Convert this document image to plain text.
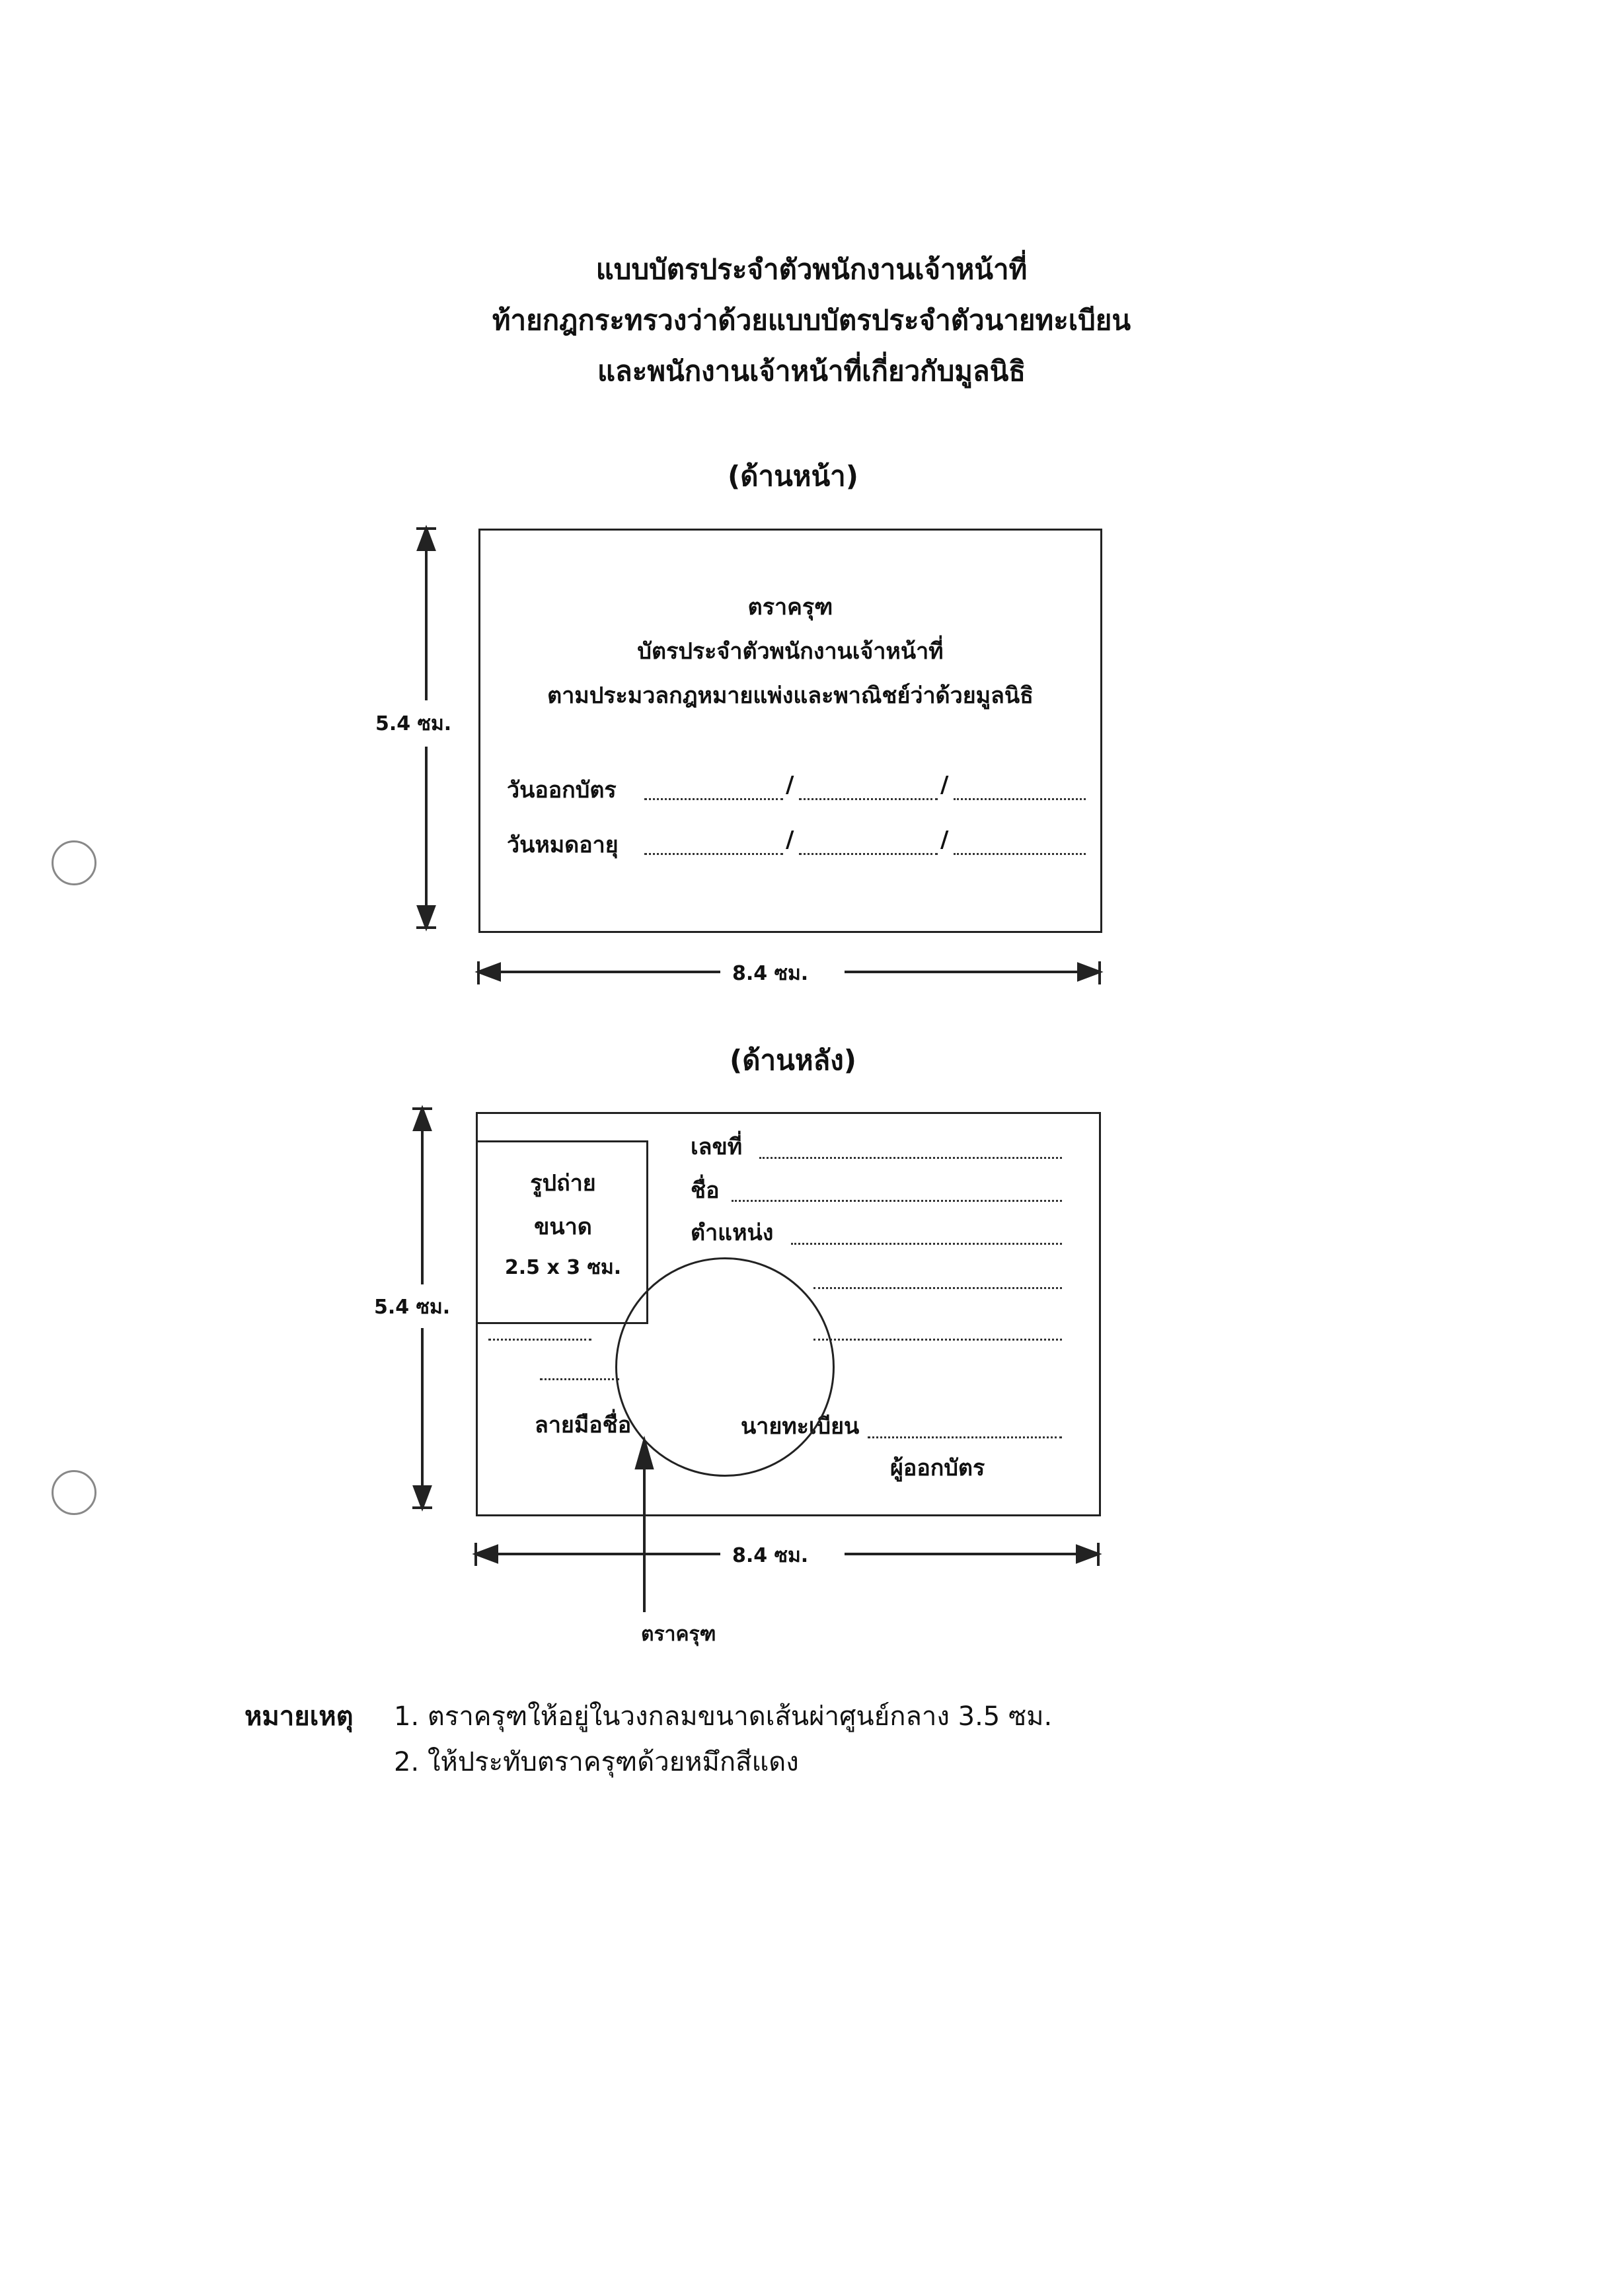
แบบบัตรประจำตัวพนักงานเจ้าหน้าที่
ท้ายกฎกระทรวงว่าด้วยแบบบัตรประจำตัวนายทะเบียน
และพนักงานเจ้าหน้าที่เกี่ยวกับมูลนิธิ
(ด้านหน้า)
ตราครุฑ
บัตรประจำตัวพนักงานเจ้าหน้าที่
ตามประมวลกฎหมายแพ่งและพาณิชย์ว่าด้วยมูลนิธิ
วันออกบัตร	/	/
วันหมดอายุ	/	/
(ด้านหลัง)
รูปถ่าย
ขนาด
2.5 x 3 ซม.
เลขที่
ชื่อ
ตำแหน่ง
ลายมือชื่อ	นายทะเบียน
ผู้ออกบัตร
5.4 ซม.
8.4 ซม.
5.4 ซม.
8.4 ซม.
ตราครุฑ
หมายเหตุ 1. ตราครุฑให้อยู่ในวงกลมขนาดเส้นผ่าศูนย์กลาง 3.5 ซม.
2. ให้ประทับตราครุฑด้วยหมึกสีแดง
